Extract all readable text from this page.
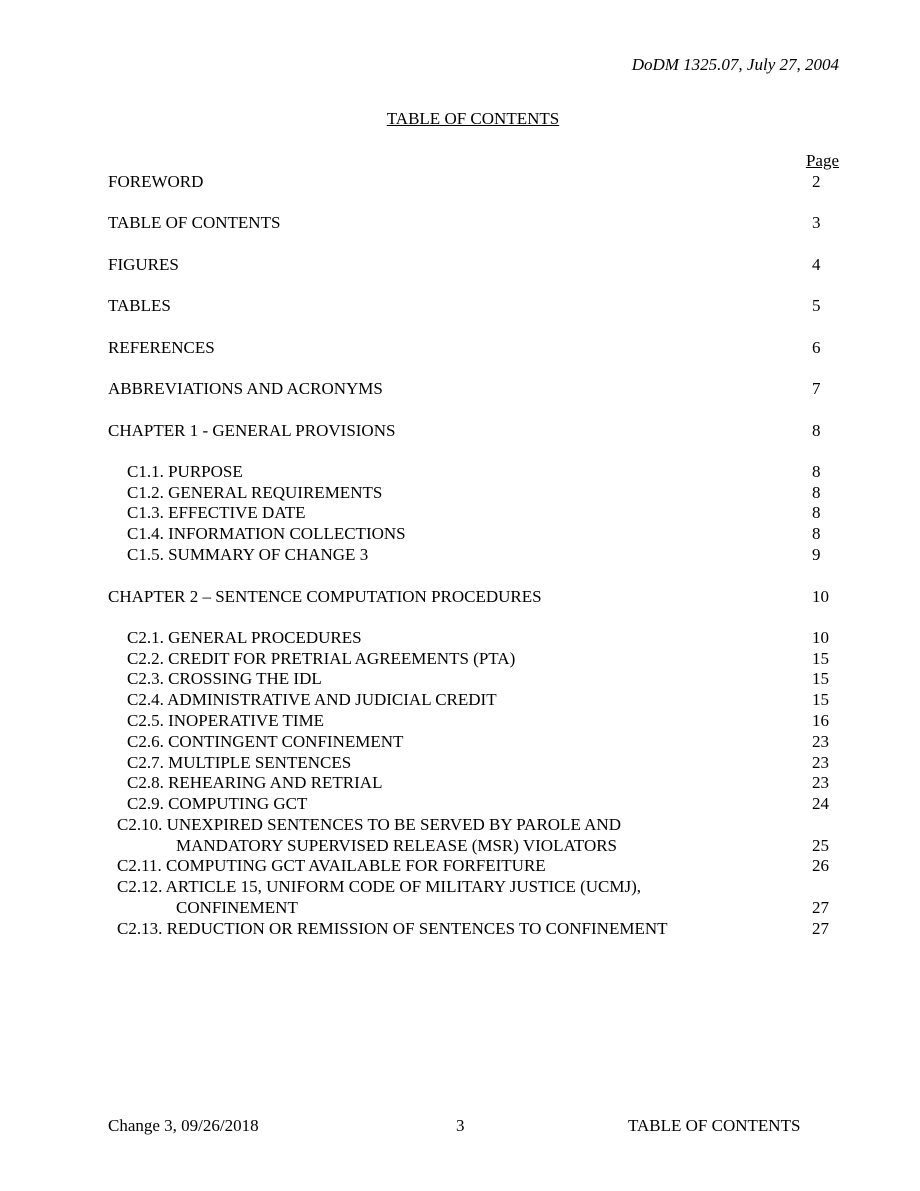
DoDM 1325.07, July 27, 2004
TABLE OF CONTENTS
Page
FOREWORD	2
TABLE OF CONTENTS	3
FIGURES	4
TABLES	5
REFERENCES	6
ABBREVIATIONS AND ACRONYMS	7
CHAPTER 1 - GENERAL PROVISIONS	8
C1.1. PURPOSE	8
C1.2. GENERAL REQUIREMENTS	8
C1.3. EFFECTIVE DATE	8
C1.4. INFORMATION COLLECTIONS	8
C1.5. SUMMARY OF CHANGE 3	9
CHAPTER 2 – SENTENCE COMPUTATION PROCEDURES	10
C2.1. GENERAL PROCEDURES	10
C2.2. CREDIT FOR PRETRIAL AGREEMENTS (PTA)	15
C2.3. CROSSING THE IDL	15
C2.4. ADMINISTRATIVE AND JUDICIAL CREDIT	15
C2.5. INOPERATIVE TIME	16
C2.6. CONTINGENT CONFINEMENT	23
C2.7. MULTIPLE SENTENCES	23
C2.8. REHEARING AND RETRIAL	23
C2.9. COMPUTING GCT	24
C2.10. UNEXPIRED SENTENCES TO BE SERVED BY PAROLE AND
MANDATORY SUPERVISED RELEASE (MSR) VIOLATORS	25
C2.11. COMPUTING GCT AVAILABLE FOR FORFEITURE	26
C2.12. ARTICLE 15, UNIFORM CODE OF MILITARY JUSTICE (UCMJ),
CONFINEMENT	27
C2.13. REDUCTION OR REMISSION OF SENTENCES TO CONFINEMENT	27
Change 3, 09/26/2018	3	TABLE OF CONTENTS
